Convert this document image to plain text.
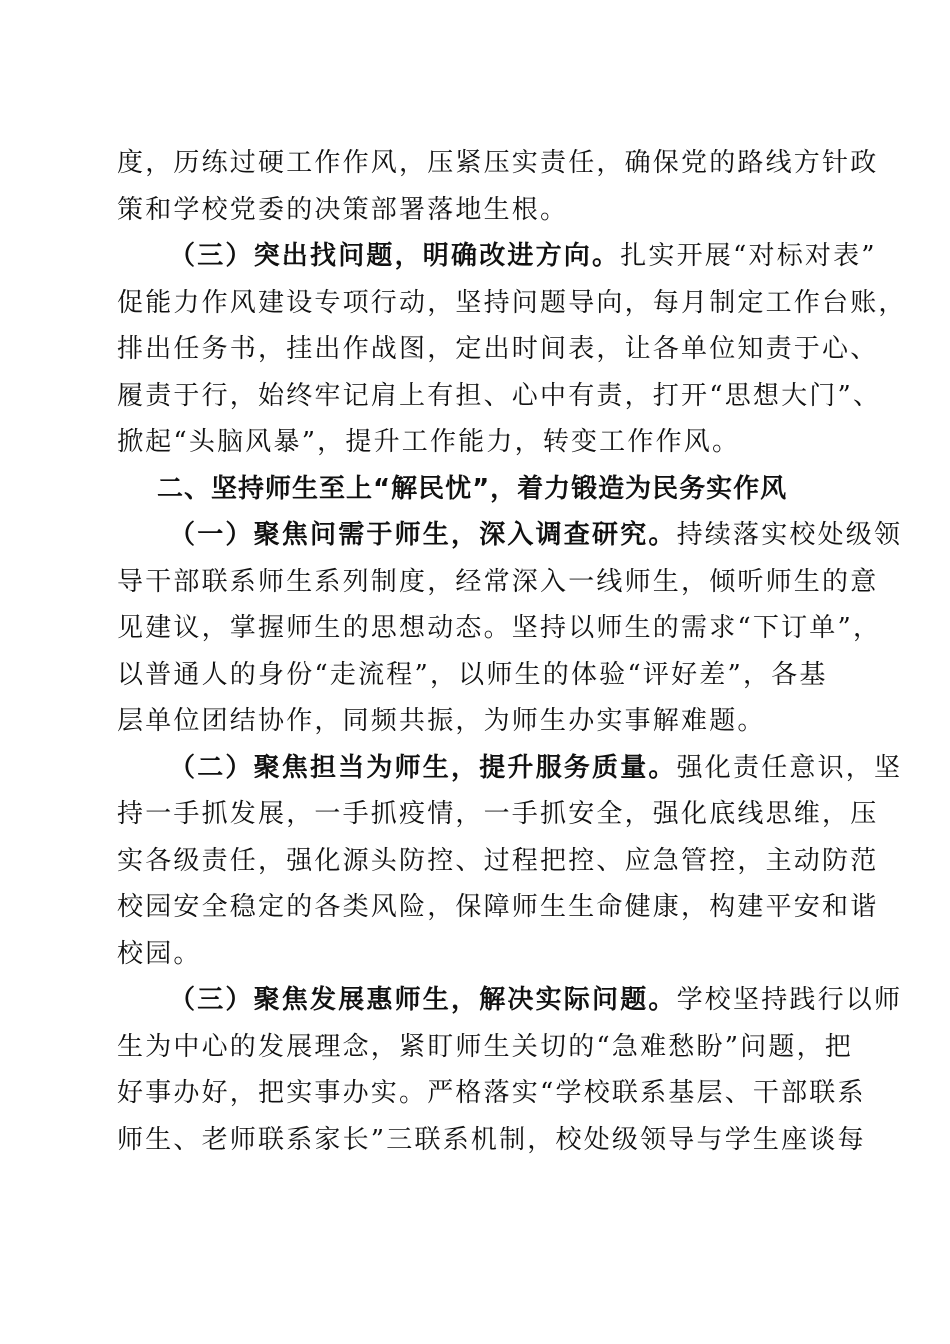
度，历练过硬工作作风，压紧压实责任，确保党的路线方针政
策和学校党委的决策部署落地生根。
（三）突出找问题，明确改进方向。扎实开展“对标对表”
促能力作风建设专项行动，坚持问题导向，每月制定工作台账，
排出任务书，挂出作战图，定出时间表，让各单位知责于心、
履责于行，始终牢记肩上有担、心中有责，打开“思想大门”、
掀起“头脑风暴”，提升工作能力，转变工作作风。
二、坚持师生至上“解民忧”，着力锻造为民务实作风
（一）聚焦问需于师生，深入调查研究。持续落实校处级领
导干部联系师生系列制度，经常深入一线师生，倾听师生的意
见建议，掌握师生的思想动态。坚持以师生的需求“下订单”，
以普通人的身份“走流程”，以师生的体验“评好差”，各基
层单位团结协作，同频共振，为师生办实事解难题。
（二）聚焦担当为师生，提升服务质量。强化责任意识，坚
持一手抓发展，一手抓疫情，一手抓安全，强化底线思维，压
实各级责任，强化源头防控、过程把控、应急管控，主动防范
校园安全稳定的各类风险，保障师生生命健康，构建平安和谐
校园。
（三）聚焦发展惠师生，解决实际问题。学校坚持践行以师
生为中心的发展理念，紧盯师生关切的“急难愁盼”问题，把
好事办好，把实事办实。严格落实“学校联系基层、干部联系
师生、老师联系家长”三联系机制，校处级领导与学生座谈每
